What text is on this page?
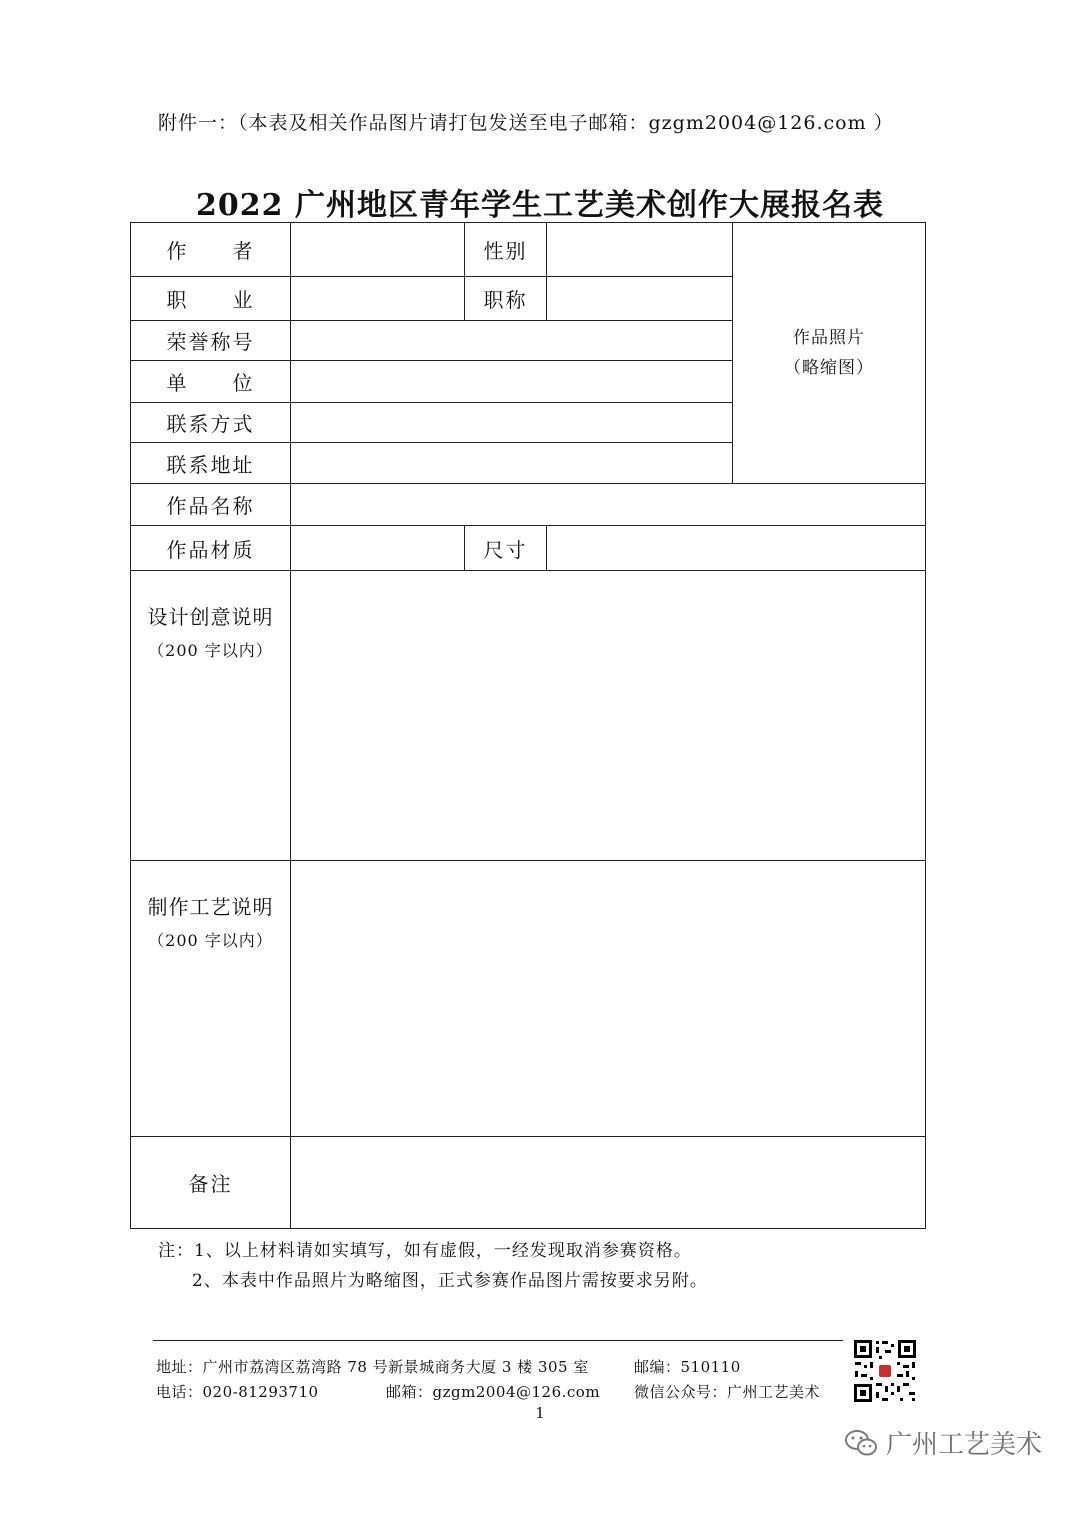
附件一：（本表及相关作品图片请打包发送至电子邮箱：gzgm2004@126.com ）
2022 广州地区青年学生工艺美术创作大展报名表
作　　者	性别
作品照片
（略缩图）
职　　业	职称
荣誉称号
单　　位
联系方式
联系地址
作品名称
作品材质	尺寸
设计创意说明
（200 字以内）
制作工艺说明
（200 字以内）
备注
注：1、以上材料请如实填写，如有虚假，一经发现取消参赛资格。
2、本表中作品照片为略缩图，正式参赛作品图片需按要求另附。
地址：广州市荔湾区荔湾路 78 号新景城商务大厦 3 楼 305 室	邮编：510110
电话：020-81293710	邮箱：gzgm2004@126.com 微信公众号：广州工艺美术
1
广州工艺美术
